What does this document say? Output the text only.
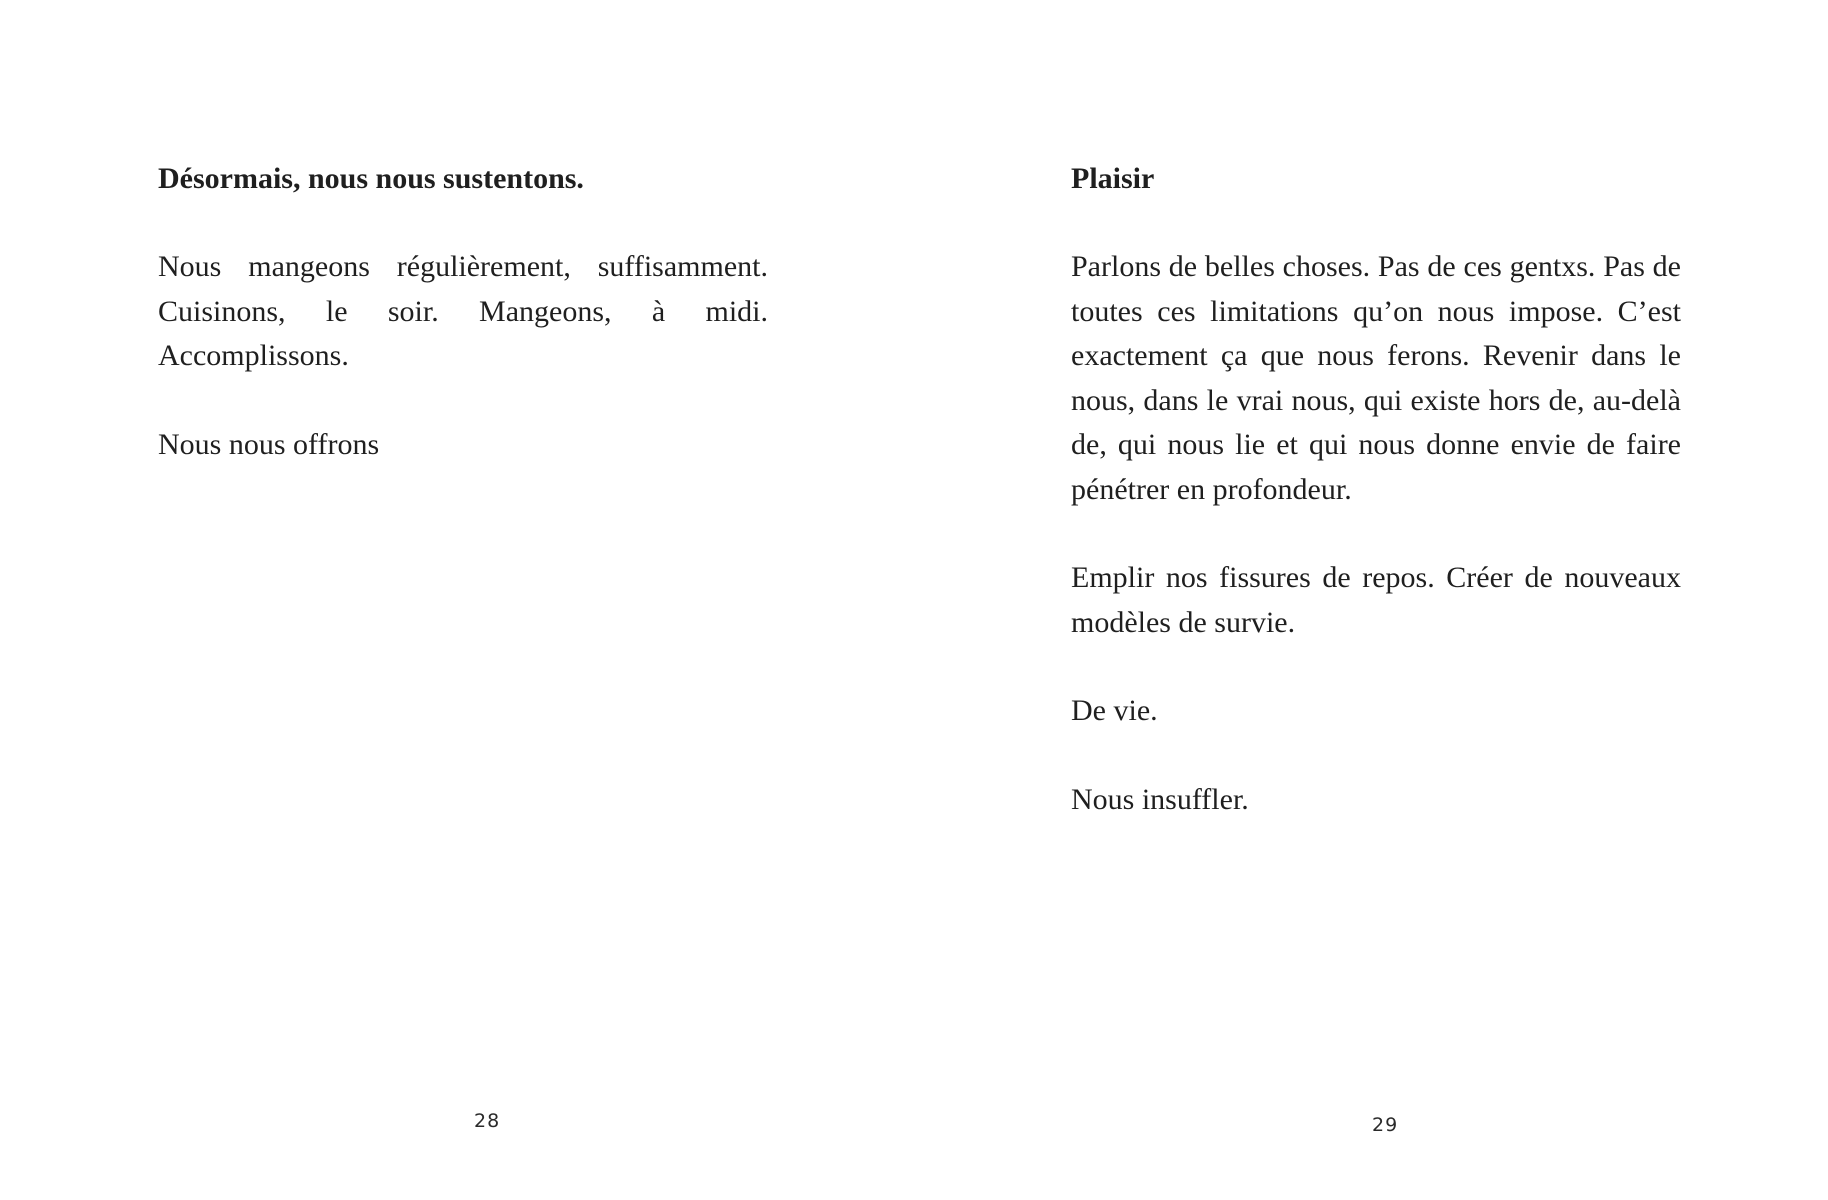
Désormais, nous nous sustentons.

Nous mangeons régulièrement, suffisamment. Cuisinons, le soir. Mangeons, à midi. Accomplissons.

Nous nous offrons

28

Plaisir

Parlons de belles choses. Pas de ces gentxs. Pas de toutes ces limitations qu’on nous impose. C’est exactement ça que nous ferons. Revenir dans le nous, dans le vrai nous, qui existe hors de, au-delà de, qui nous lie et qui nous donne envie de faire pénétrer en profondeur.

Emplir nos fissures de repos. Créer de nouveaux modèles de survie.

De vie.

Nous insuffler.

29
